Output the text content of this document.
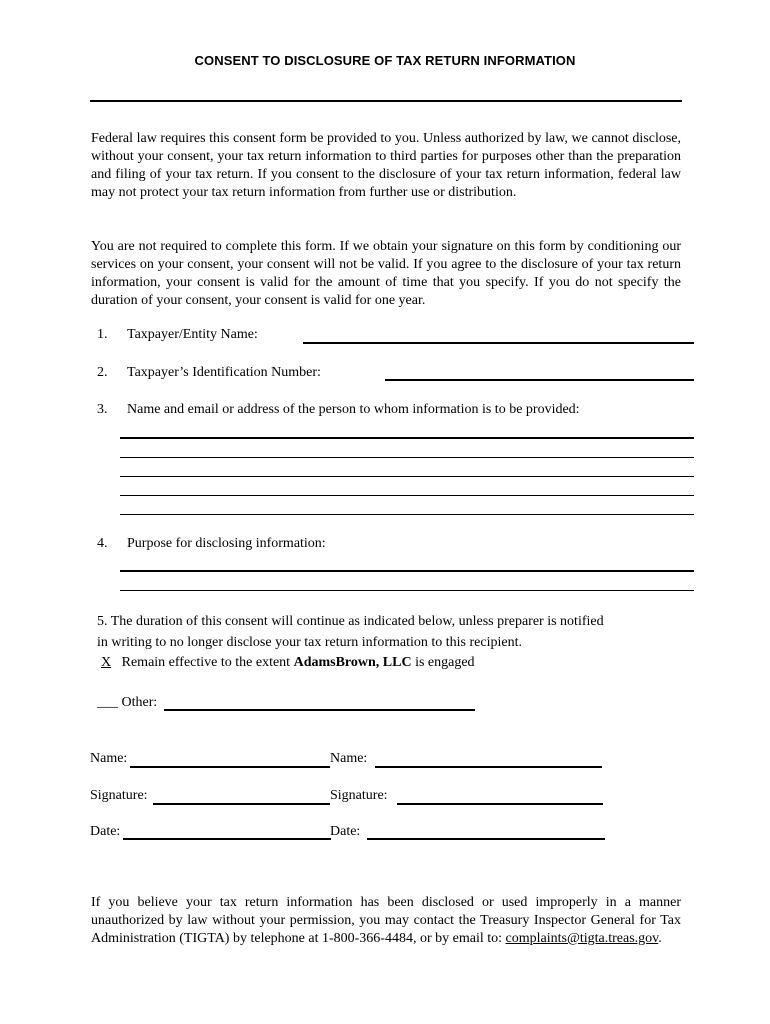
CONSENT TO DISCLOSURE OF TAX RETURN INFORMATION
Federal law requires this consent form be provided to you. Unless authorized by law, we cannot disclose, without your consent, your tax return information to third parties for purposes other than the preparation and filing of your tax return. If you consent to the disclosure of your tax return information, federal law may not protect your tax return information from further use or distribution.
You are not required to complete this form. If we obtain your signature on this form by conditioning our services on your consent, your consent will not be valid. If you agree to the disclosure of your tax return information, your consent is valid for the amount of time that you specify. If you do not specify the duration of your consent, your consent is valid for one year.
1. Taxpayer/Entity Name:
2. Taxpayer’s Identification Number:
3. Name and email or address of the person to whom information is to be provided:
4. Purpose for disclosing information:
5. The duration of this consent will continue as indicated below, unless preparer is notified
in writing to no longer disclose your tax return information to this recipient.
X Remain effective to the extent AdamsBrown, LLC is engaged
___ Other:
Name:	Name:
Signature:	Signature:
Date:	Date:
If you believe your tax return information has been disclosed or used improperly in a manner unauthorized by law without your permission, you may contact the Treasury Inspector General for Tax Administration (TIGTA) by telephone at 1-800-366-4484, or by email to: complaints@tigta.treas.gov.
